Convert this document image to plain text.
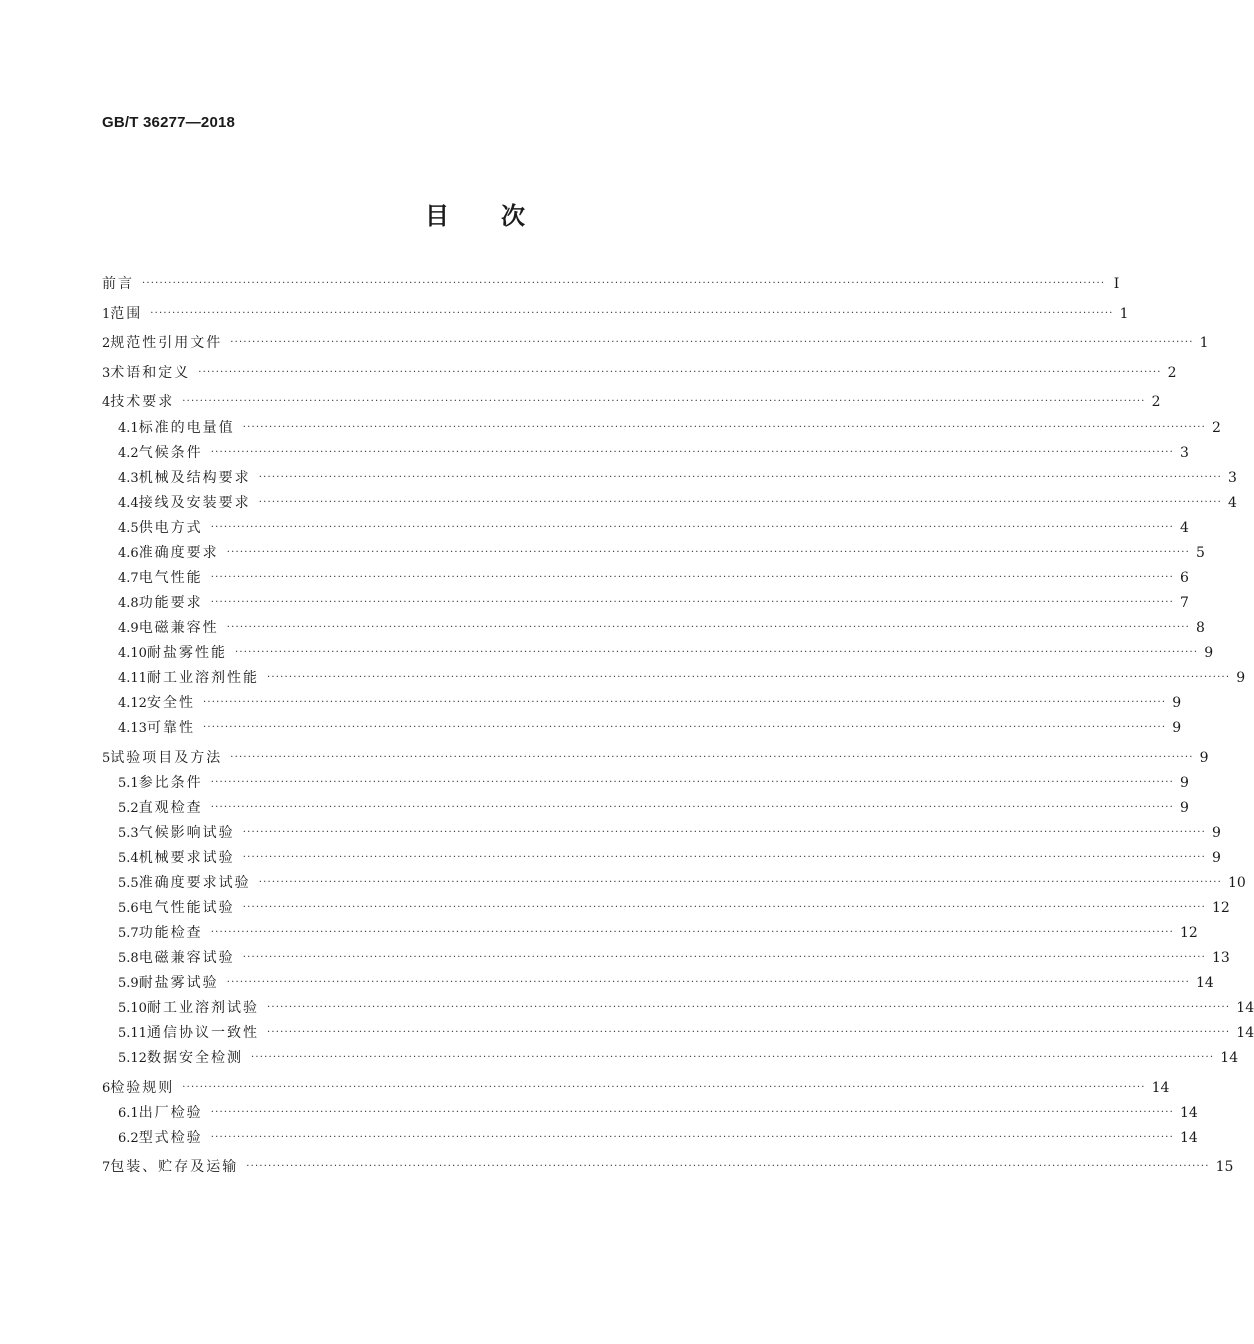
GB/T 36277—2018
目 次
前言 ···························································································································································································································· Ⅰ
1 范围 ···························································································································································································································· 1
2 规范性引用文件 ···························································································································································································································· 1
3 术语和定义 ···························································································································································································································· 2
4 技术要求 ···························································································································································································································· 2
4.1 标准的电量值 ···························································································································································································································· 2
4.2 气候条件 ···························································································································································································································· 3
4.3 机械及结构要求 ···························································································································································································································· 3
4.4 接线及安装要求 ···························································································································································································································· 4
4.5 供电方式 ···························································································································································································································· 4
4.6 准确度要求 ···························································································································································································································· 5
4.7 电气性能 ···························································································································································································································· 6
4.8 功能要求 ···························································································································································································································· 7
4.9 电磁兼容性 ···························································································································································································································· 8
4.10 耐盐雾性能 ···························································································································································································································· 9
4.11 耐工业溶剂性能 ···························································································································································································································· 9
4.12 安全性 ···························································································································································································································· 9
4.13 可靠性 ···························································································································································································································· 9
5 试验项目及方法 ···························································································································································································································· 9
5.1 参比条件 ···························································································································································································································· 9
5.2 直观检查 ···························································································································································································································· 9
5.3 气候影响试验 ···························································································································································································································· 9
5.4 机械要求试验 ···························································································································································································································· 9
5.5 准确度要求试验 ···························································································································································································································· 10
5.6 电气性能试验 ···························································································································································································································· 12
5.7 功能检查 ···························································································································································································································· 12
5.8 电磁兼容试验 ···························································································································································································································· 13
5.9 耐盐雾试验 ···························································································································································································································· 14
5.10 耐工业溶剂试验 ···························································································································································································································· 14
5.11 通信协议一致性 ···························································································································································································································· 14
5.12 数据安全检测 ···························································································································································································································· 14
6 检验规则 ···························································································································································································································· 14
6.1 出厂检验 ···························································································································································································································· 14
6.2 型式检验 ···························································································································································································································· 14
7 包装、贮存及运输 ···························································································································································································································· 15
